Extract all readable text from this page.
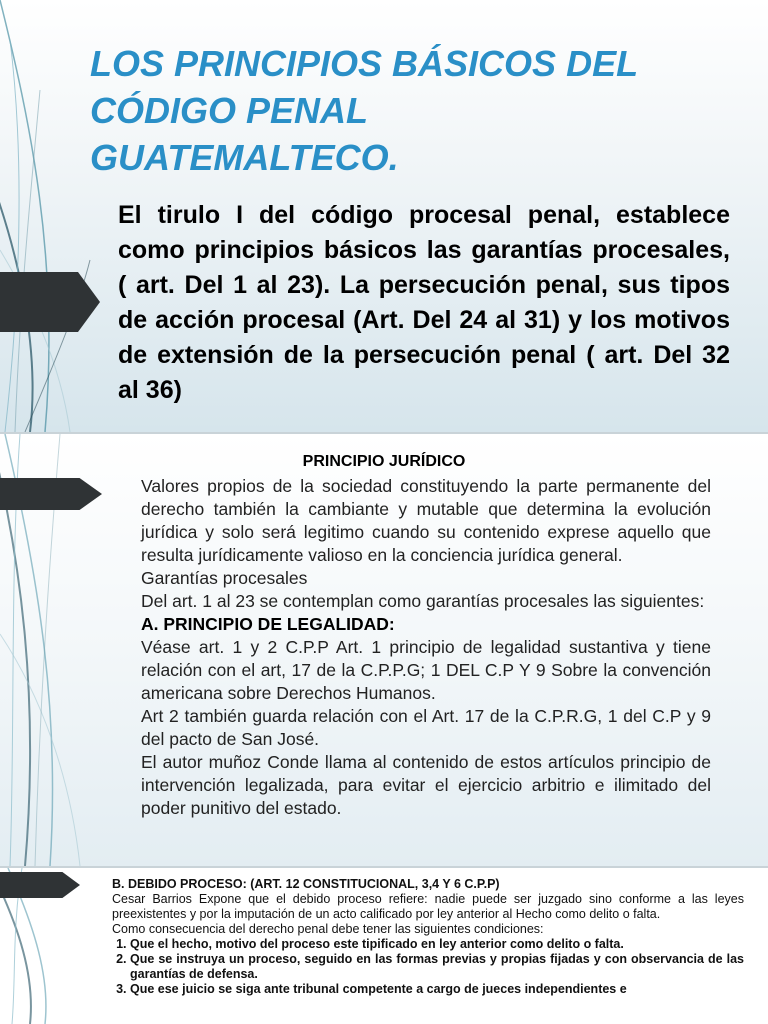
LOS PRINCIPIOS BÁSICOS DEL
CÓDIGO PENAL
GUATEMALTECO.

El tirulo I del código procesal penal, establece como principios básicos las garantías procesales, ( art. Del 1 al 23). La persecución penal, sus tipos de acción procesal (Art. Del 24 al 31) y los motivos de extensión de la persecución penal ( art. Del 32 al 36)

PRINCIPIO JURÍDICO

Valores propios de la sociedad constituyendo la parte permanente del derecho también la cambiante y mutable que determina la evolución jurídica y solo será legitimo cuando su contenido exprese aquello que resulta jurídicamente valioso en la conciencia jurídica general.

Garantías procesales

Del art. 1 al 23 se contemplan como garantías procesales las siguientes:

A. PRINCIPIO DE LEGALIDAD:

Véase art. 1 y 2 C.P.P Art. 1 principio de legalidad sustantiva y tiene relación con el art, 17 de la C.P.P.G; 1 DEL C.P Y 9 Sobre la convención americana sobre Derechos Humanos.

Art 2 también guarda relación con el Art. 17 de la C.P.R.G, 1 del C.P y 9 del pacto de San José.

El autor muñoz Conde llama al contenido de estos artículos principio de intervención legalizada, para evitar el ejercicio arbitrio e ilimitado del poder punitivo del estado.

B. DEBIDO PROCESO: (ART. 12 CONSTITUCIONAL, 3,4 Y 6 C.P.P)

Cesar Barrios Expone que el debido proceso refiere: nadie puede ser juzgado sino conforme a las leyes preexistentes y por la imputación de un acto calificado por ley anterior al Hecho como delito o falta.

Como consecuencia del derecho penal debe tener las siguientes condiciones:

1. Que el hecho, motivo del proceso este tipificado en ley anterior como delito o falta.
2. Que se instruya un proceso, seguido en las formas previas y propias fijadas y con observancia de las garantías de defensa.
3. Que ese juicio se siga ante tribunal competente a cargo de jueces independientes e
